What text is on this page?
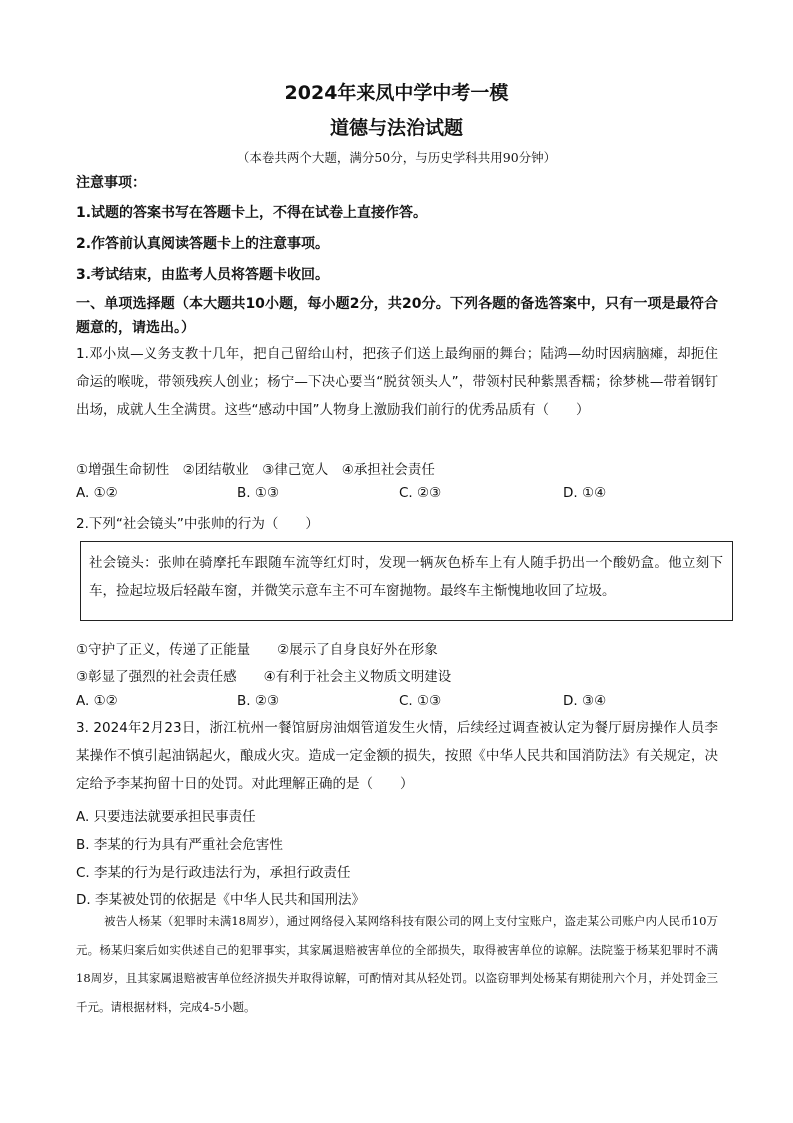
2024年来凤中学中考一模
道德与法治试题
（本卷共两个大题，满分50分，与历史学科共用90分钟）
注意事项：
1.试题的答案书写在答题卡上，不得在试卷上直接作答。
2.作答前认真阅读答题卡上的注意事项。
3.考试结束，由监考人员将答题卡收回。
一、单项选择题（本大题共10小题，每小题2分，共20分。下列各题的备选答案中，只有一项是最符合题意的，请选出。）
1.邓小岚—义务支教十几年，把自己留给山村，把孩子们送上最绚丽的舞台；陆鸿—幼时因病脑瘫，却扼住命运的喉咙，带领残疾人创业；杨宁—下决心要当“脱贫领头人”，带领村民种紫黑香糯；徐梦桃—带着钢钉出场，成就人生全满贯。这些“感动中国”人物身上激励我们前行的优秀品质有（　　）
①增强生命韧性　②团结敬业　③律己宽人　④承担社会责任
A. ①②	B. ①③	C. ②③	D. ①④
2.下列“社会镜头”中张帅的行为（　　）
社会镜头：张帅在骑摩托车跟随车流等红灯时，发现一辆灰色桥车上有人随手扔出一个酸奶盒。他立刻下车，捡起垃圾后轻敲车窗，并微笑示意车主不可车窗抛物。最终车主惭愧地收回了垃圾。
①守护了正义，传递了正能量　　②展示了自身良好外在形象
③彰显了强烈的社会责任感　　④有利于社会主义物质文明建设
A. ①②	B. ②③	C. ①③	D. ③④
3. 2024年2月23日，浙江杭州一餐馆厨房油烟管道发生火情，后续经过调查被认定为餐厅厨房操作人员李某操作不慎引起油锅起火，酿成火灾。造成一定金额的损失，按照《中华人民共和国消防法》有关规定，决定给予李某拘留十日的处罚。对此理解正确的是（　　）
A. 只要违法就要承担民事责任
B. 李某的行为具有严重社会危害性
C. 李某的行为是行政违法行为，承担行政责任
D. 李某被处罚的依据是《中华人民共和国刑法》
被告人杨某（犯罪时未满18周岁），通过网络侵入某网络科技有限公司的网上支付宝账户，盗走某公司账户内人民币10万元。杨某归案后如实供述自己的犯罪事实，其家属退赔被害单位的全部损失，取得被害单位的谅解。法院鉴于杨某犯罪时不满18周岁，且其家属退赔被害单位经济损失并取得谅解，可酌情对其从轻处罚。以盗窃罪判处杨某有期徒刑六个月，并处罚金三千元。请根据材料，完成4-5小题。
